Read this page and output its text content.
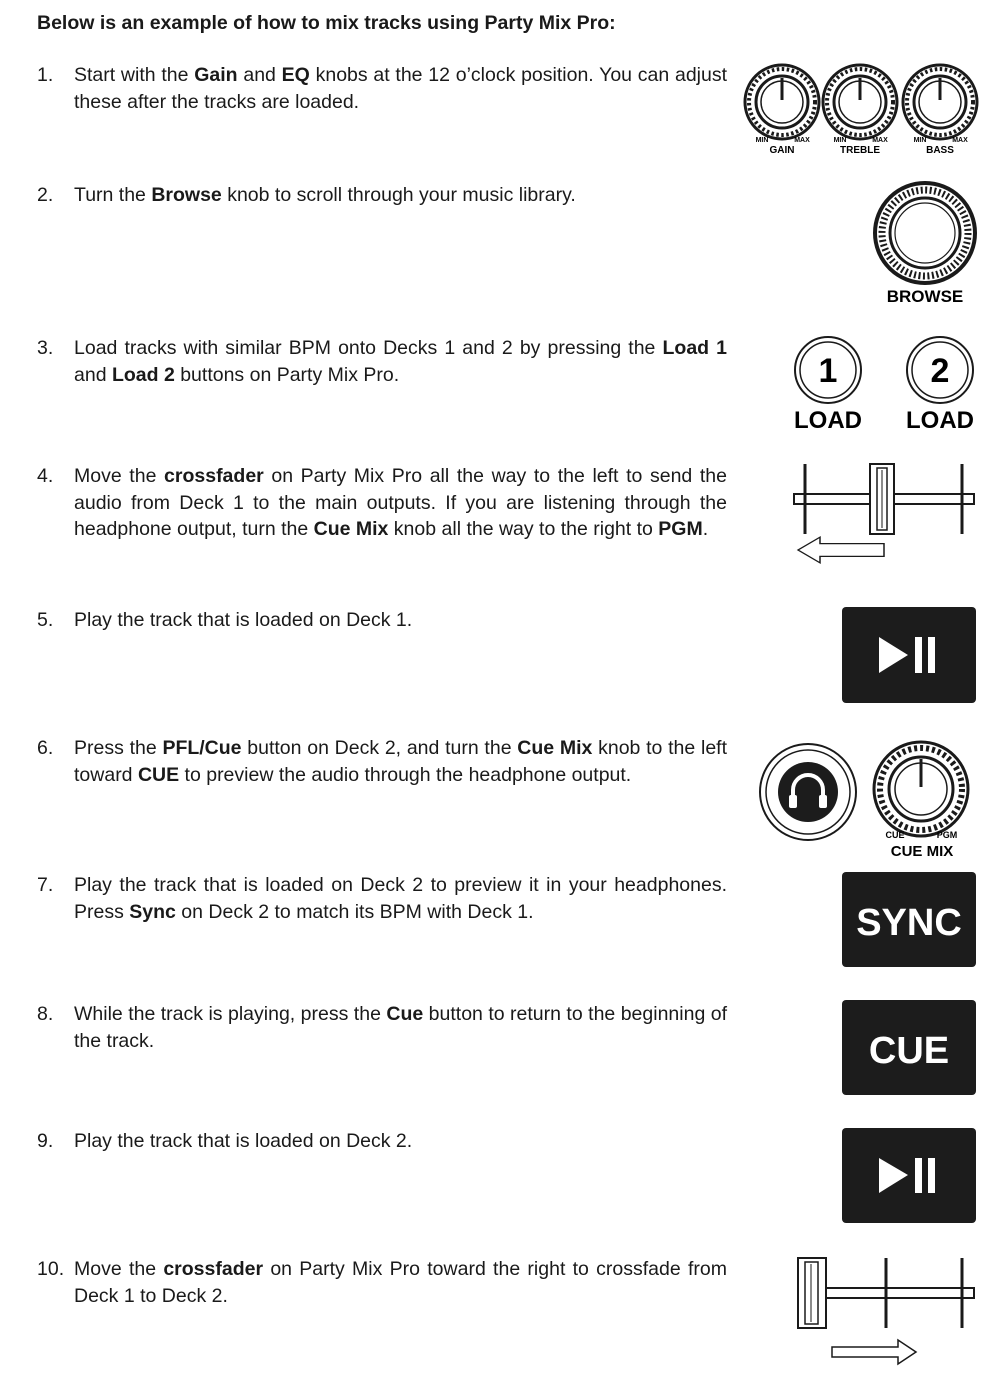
Below is an example of how to mix tracks using Party Mix Pro:
1.	Start with the Gain and EQ knobs at the 12 o’clock position. You can adjust these after the tracks are loaded.
2.	Turn the Browse knob to scroll through your music library.
3.	Load tracks with similar BPM onto Decks 1 and 2 by pressing the Load 1 and Load 2 buttons on Party Mix Pro.
4.	Move the crossfader on Party Mix Pro all the way to the left to send the audio from Deck 1 to the main outputs. If you are listening through the headphone output, turn the Cue Mix knob all the way to the right to PGM.
5.	Play the track that is loaded on Deck 1.
6.	Press the PFL/Cue button on Deck 2, and turn the Cue Mix knob to the left toward CUE to preview the audio through the headphone output.
7.	Play the track that is loaded on Deck 2 to preview it in your headphones. Press Sync on Deck 2 to match its BPM with Deck 1.
8.	While the track is playing, press the Cue button to return to the beginning of the track.
9.	Play the track that is loaded on Deck 2.
10. Move the crossfader on Party Mix Pro toward the right to crossfade from Deck 1 to Deck 2.
MIN	MAX
GAIN
MIN	MAX
TREBLE
MIN	MAX
BASS
BROWSE
1
LOAD
2
LOAD
CUE	PGM
CUE MIX
SYNC
CUE
